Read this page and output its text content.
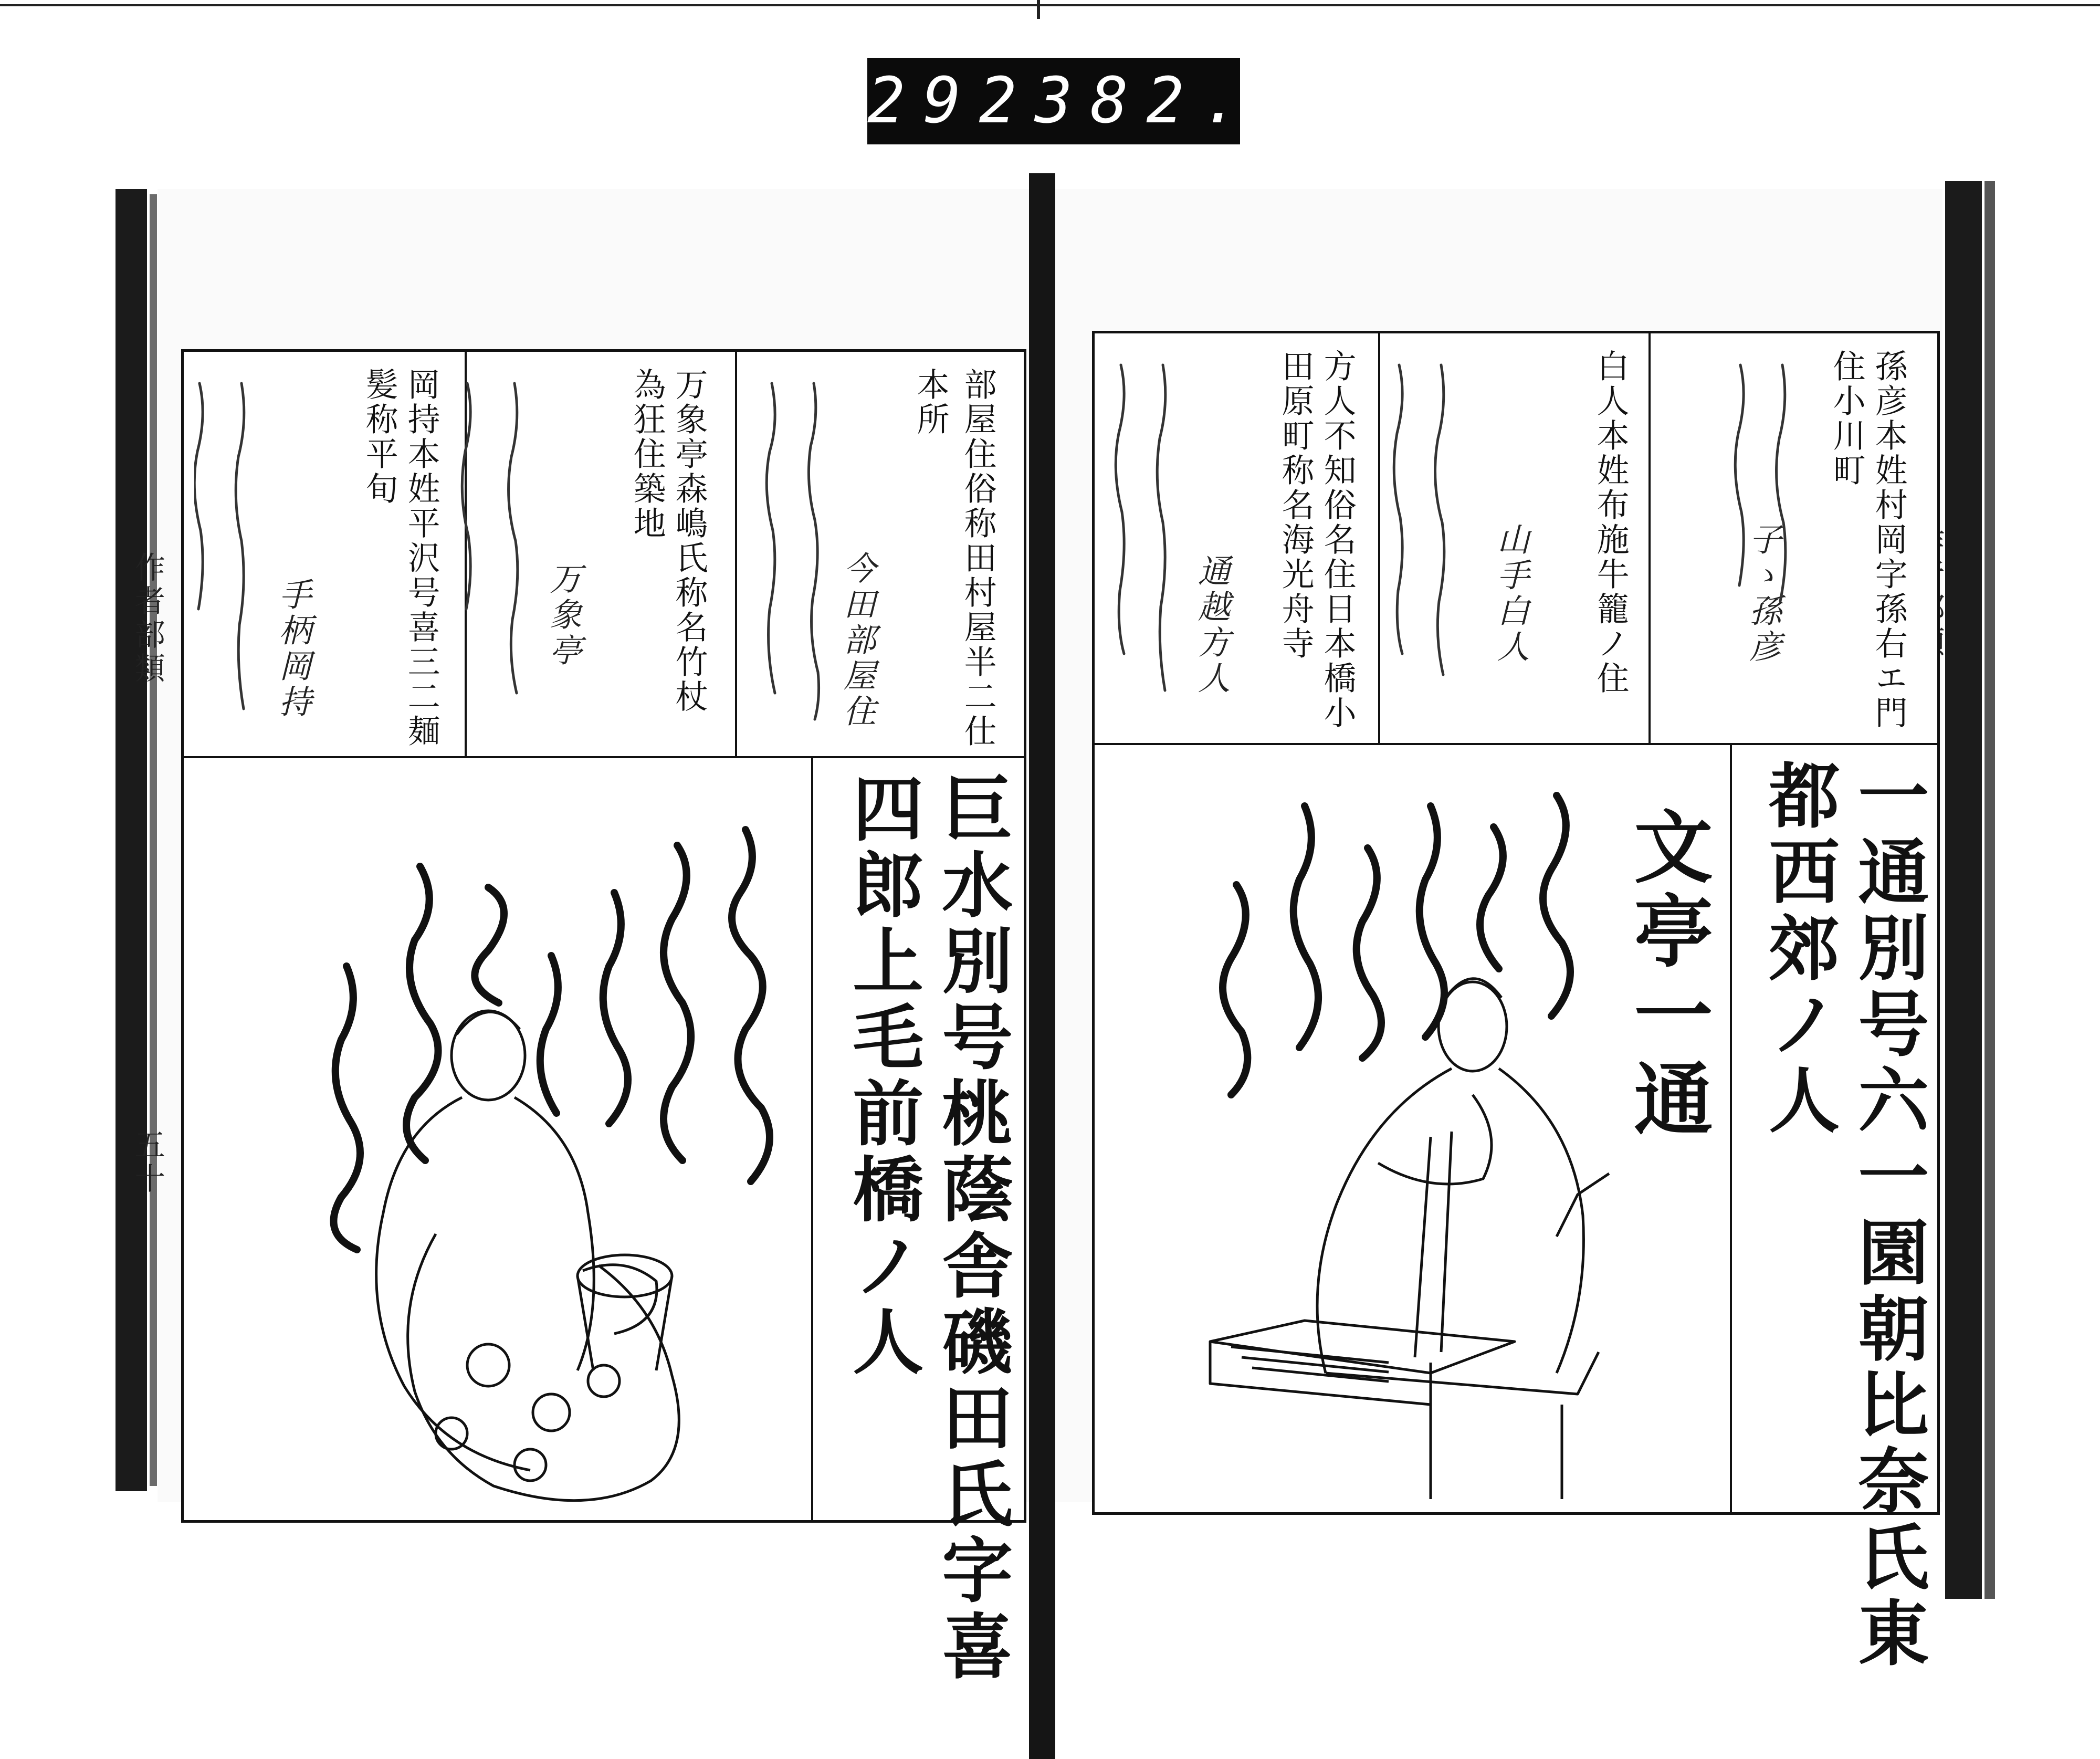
292 382.
作者部類
五十
本所 部屋住俗称田村屋半二仕
今田部屋住
万象亭森嶋氏称名竹杖
為狂住築地
万象亭
岡持本姓平沢号喜三二麺
髪称平旬
手柄岡持
巨水別号桃蔭舎磯田氏字喜
四郎上毛前橋ノ人
孫彦本姓村岡字孫右エ門
住小川町
子ゝ孫彦
白人本姓布施牛籠ノ住
山手白人
方人不知俗名住日本橋小
田原町称名海光舟寺
通越方人
一通別号六一園朝比奈氏東
都西郊ノ人
文亭一通
